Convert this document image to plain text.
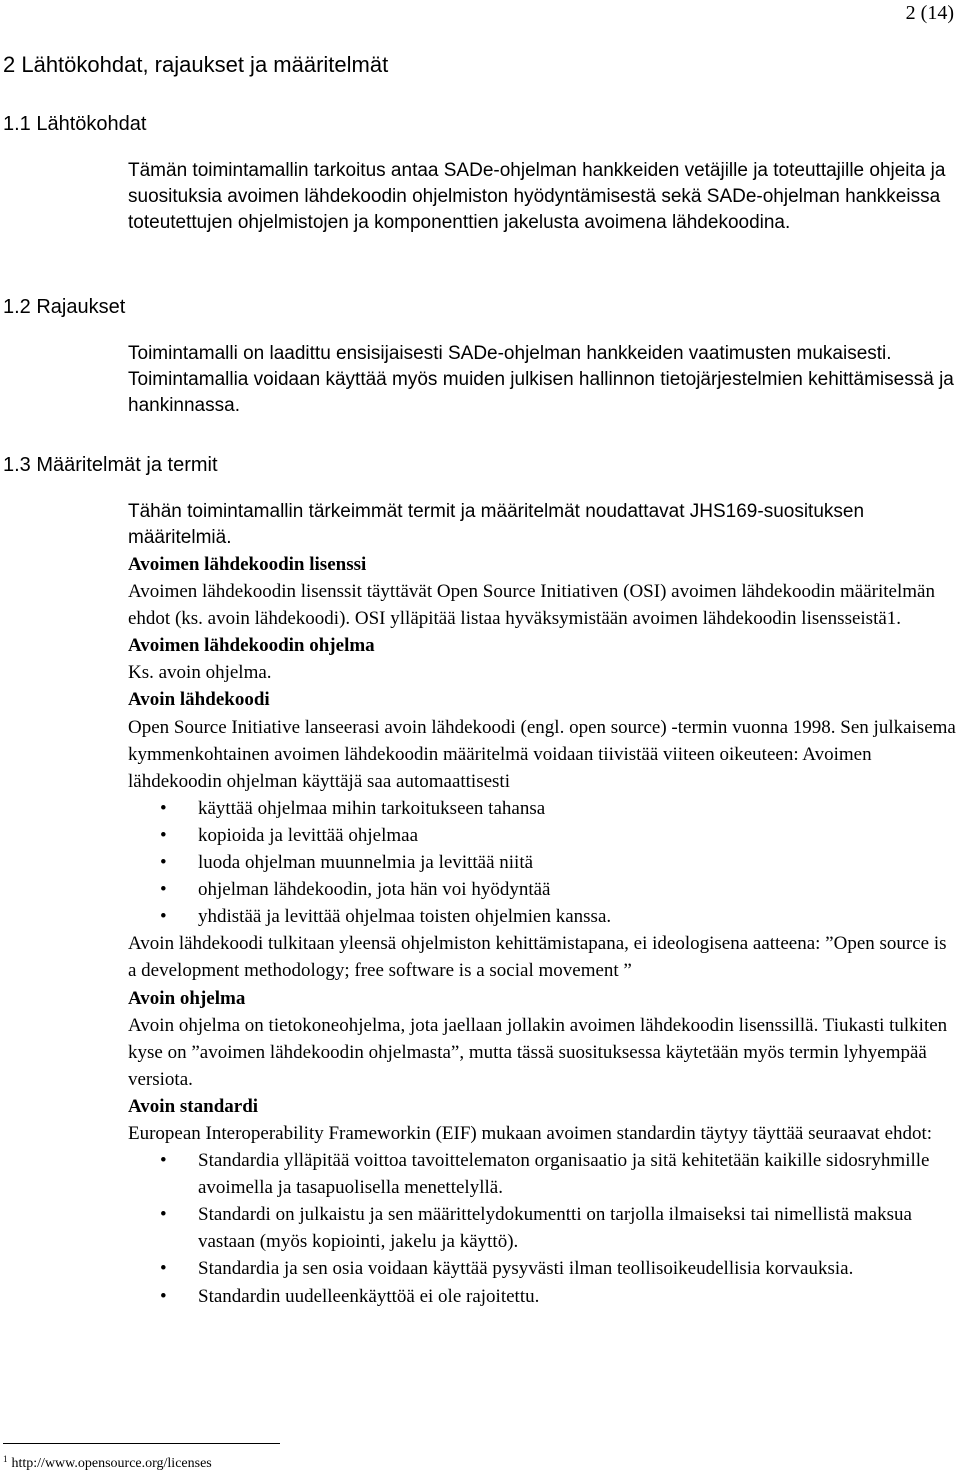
2 (14)
2 Lähtökohdat, rajaukset ja määritelmät
1.1 Lähtökohdat

Tämän toimintamallin tarkoitus antaa SADe-ohjelman hankkeiden vetäjille ja toteuttajille ohjeita ja suosituksia avoimen lähdekoodin ohjelmiston hyödyntämisestä sekä SADe-ohjelman hankkeissa toteutettujen ohjelmistojen ja komponenttien jakelusta avoimena lähdekoodina.

1.2 Rajaukset

Toimintamalli on laadittu ensisijaisesti SADe-ohjelman hankkeiden vaatimusten mukaisesti. Toimintamallia voidaan käyttää myös muiden julkisen hallinnon tietojärjestelmien kehittämisessä ja hankinnassa.

1.3 Määritelmät ja termit

Tähän toimintamallin tärkeimmät termit ja määritelmät noudattavat JHS169-suosituksen määritelmiä.

Avoimen lähdekoodin lisenssi

Avoimen lähdekoodin lisenssit täyttävät Open Source Initiativen (OSI) avoimen lähdekoodin määritelmän ehdot (ks. avoin lähdekoodi). OSI ylläpitää listaa hyväksymistään avoimen lähdekoodin lisensseistä1.

Avoimen lähdekoodin ohjelma

Ks. avoin ohjelma.

Avoin lähdekoodi

Open Source Initiative lanseerasi avoin lähdekoodi (engl. open source) -termin vuonna 1998. Sen julkaisema kymmenkohtainen avoimen lähdekoodin määritelmä voidaan tiivistää viiteen oikeuteen: Avoimen lähdekoodin ohjelman käyttäjä saa automaattisesti

• käyttää ohjelmaa mihin tarkoitukseen tahansa
• kopioida ja levittää ohjelmaa
• luoda ohjelman muunnelmia ja levittää niitä
• ohjelman lähdekoodin, jota hän voi hyödyntää
• yhdistää ja levittää ohjelmaa toisten ohjelmien kanssa.

Avoin lähdekoodi tulkitaan yleensä ohjelmiston kehittämistapana, ei ideologisena aatteena: ”Open source is a development methodology; free software is a social movement ”

Avoin ohjelma

Avoin ohjelma on tietokoneohjelma, jota jaellaan jollakin avoimen lähdekoodin lisenssillä. Tiukasti tulkiten kyse on ”avoimen lähdekoodin ohjelmasta”, mutta tässä suosituksessa käytetään myös termin lyhyempää versiota.

Avoin standardi

European Interoperability Frameworkin (EIF) mukaan avoimen standardin täytyy täyttää seuraavat ehdot:

• Standardia ylläpitää voittoa tavoittelematon organisaatio ja sitä kehitetään kaikille sidosryhmille avoimella ja tasapuolisella menettelyllä.
• Standardi on julkaistu ja sen määrittelydokumentti on tarjolla ilmaiseksi tai nimellistä maksua vastaan (myös kopiointi, jakelu ja käyttö).
• Standardia ja sen osia voidaan käyttää pysyvästi ilman teollisoikeudellisia korvauksia.
• Standardin uudelleenkäyttöä ei ole rajoitettu.
$^1$ http://www.opensource.org/licenses
